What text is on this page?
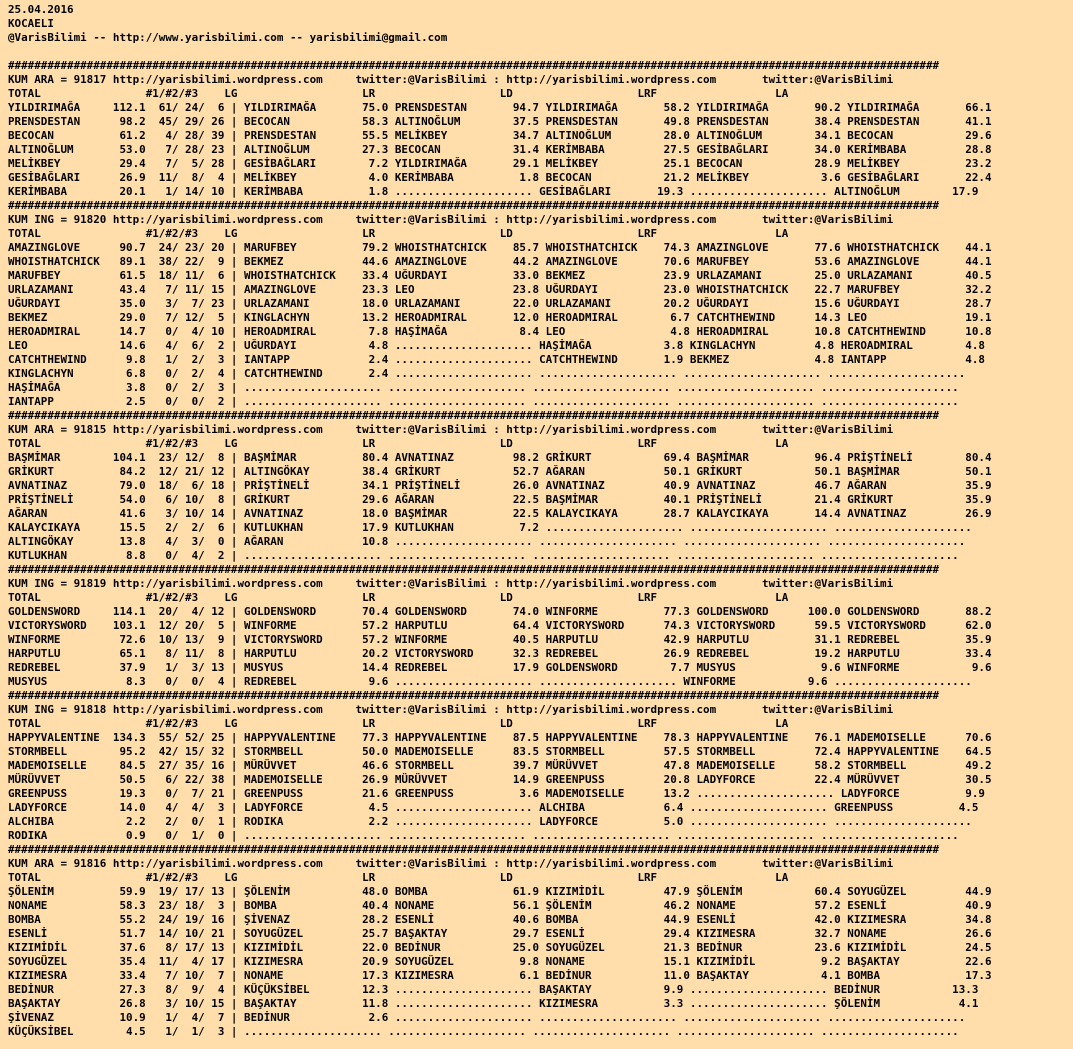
25.04.2016
KOCAELI
@VarisBilimi -- http://www.yarisbilimi.com -- yarisbilimi@gmail.com

##############################################################################################################################################
KUM ARA = 91817 http://yarisbilimi.wordpress.com     twitter:@VarisBilimi : http://yarisbilimi.wordpress.com       twitter:@VarisBilimi
TOTAL                #1/#2/#3    LG                   LR                   LD                   LRF                  LA
YILDIRIMAĞA     112.1  61/ 24/  6 | YILDIRIMAĞA       75.0 PRENSDESTAN       94.7 YILDIRIMAĞA       58.2 YILDIRIMAĞA       90.2 YILDIRIMAĞA       66.1
PRENSDESTAN      98.2  45/ 29/ 26 | BECOCAN           58.3 ALTINOĞLUM        37.5 PRENSDESTAN       49.8 PRENSDESTAN       38.4 PRENSDESTAN       41.1
BECOCAN          61.2   4/ 28/ 39 | PRENSDESTAN       55.5 MELİKBEY          34.7 ALTINOĞLUM        28.0 ALTINOĞLUM        34.1 BECOCAN           29.6
ALTINOĞLUM       53.0   7/ 28/ 23 | ALTINOĞLUM        27.3 BECOCAN           31.4 KERİMBABA         27.5 GESİBAĞLARI       34.0 KERİMBABA         28.8
MELİKBEY         29.4   7/  5/ 28 | GESİBAĞLARI        7.2 YILDIRIMAĞA       29.1 MELİKBEY          25.1 BECOCAN           28.9 MELİKBEY          23.2
GESİBAĞLARI      26.9  11/  8/  4 | MELİKBEY           4.0 KERİMBABA          1.8 BECOCAN           21.2 MELİKBEY           3.6 GESİBAĞLARI       22.4
KERİMBABA        20.1   1/ 14/ 10 | KERİMBABA          1.8 ..................... GESİBAĞLARI       19.3 ..................... ALTINOĞLUM        17.9
##############################################################################################################################################
KUM ING = 91820 http://yarisbilimi.wordpress.com     twitter:@VarisBilimi : http://yarisbilimi.wordpress.com       twitter:@VarisBilimi
TOTAL                #1/#2/#3    LG                   LR                   LD                   LRF                  LA
AMAZINGLOVE      90.7  24/ 23/ 20 | MARUFBEY          79.2 WHOISTHATCHICK    85.7 WHOISTHATCHICK    74.3 AMAZINGLOVE       77.6 WHOISTHATCHICK    44.1
WHOISTHATCHICK   89.1  38/ 22/  9 | BEKMEZ            44.6 AMAZINGLOVE       44.2 AMAZINGLOVE       70.6 MARUFBEY          53.6 AMAZINGLOVE       44.1
MARUFBEY         61.5  18/ 11/  6 | WHOISTHATCHICK    33.4 UĞURDAYI          33.0 BEKMEZ            23.9 URLAZAMANI        25.0 URLAZAMANI        40.5
URLAZAMANI       43.4   7/ 11/ 15 | AMAZINGLOVE       23.3 LEO               23.8 UĞURDAYI          23.0 WHOISTHATCHICK    22.7 MARUFBEY          32.2
UĞURDAYI         35.0   3/  7/ 23 | URLAZAMANI        18.0 URLAZAMANI        22.0 URLAZAMANI        20.2 UĞURDAYI          15.6 UĞURDAYI          28.7
BEKMEZ           29.0   7/ 12/  5 | KINGLACHYN        13.2 HEROADMIRAL       12.0 HEROADMIRAL        6.7 CATCHTHEWIND      14.3 LEO               19.1
HEROADMIRAL      14.7   0/  4/ 10 | HEROADMIRAL        7.8 HAŞİMAĞA           8.4 LEO                4.8 HEROADMIRAL       10.8 CATCHTHEWIND      10.8
LEO              14.6   4/  6/  2 | UĞURDAYI           4.8 ..................... HAŞİMAĞA           3.8 KINGLACHYN         4.8 HEROADMIRAL        4.8
CATCHTHEWIND      9.8   1/  2/  3 | IANTAPP            2.4 ..................... CATCHTHEWIND       1.9 BEKMEZ             4.8 IANTAPP            4.8
KINGLACHYN        6.8   0/  2/  4 | CATCHTHEWIND       2.4 ..................... ..................... ..................... .....................
HAŞİMAĞA          3.8   0/  2/  3 | ..................... ..................... ..................... ..................... .....................
IANTAPP           2.5   0/  0/  2 | ..................... ..................... ..................... ..................... .....................
##############################################################################################################################################
KUM ARA = 91815 http://yarisbilimi.wordpress.com     twitter:@VarisBilimi : http://yarisbilimi.wordpress.com       twitter:@VarisBilimi
TOTAL                #1/#2/#3    LG                   LR                   LD                   LRF                  LA
BAŞMİMAR        104.1  23/ 12/  8 | BAŞMİMAR          80.4 AVNATINAZ         98.2 GRİKURT           69.4 BAŞMİMAR          96.4 PRİŞTİNELİ        80.4
GRİKURT          84.2  12/ 21/ 12 | ALTINGÖKAY        38.4 GRİKURT           52.7 AĞARAN            50.1 GRİKURT           50.1 BAŞMİMAR          50.1
AVNATINAZ        79.0  18/  6/ 18 | PRİŞTİNELİ        34.1 PRİŞTİNELİ        26.0 AVNATINAZ         40.9 AVNATINAZ         46.7 AĞARAN            35.9
PRİŞTİNELİ       54.0   6/ 10/  8 | GRİKURT           29.6 AĞARAN            22.5 BAŞMİMAR          40.1 PRİŞTİNELİ        21.4 GRİKURT           35.9
AĞARAN           41.6   3/ 10/ 14 | AVNATINAZ         18.0 BAŞMİMAR          22.5 KALAYCIKAYA       28.7 KALAYCIKAYA       14.4 AVNATINAZ         26.9
KALAYCIKAYA      15.5   2/  2/  6 | KUTLUKHAN         17.9 KUTLUKHAN          7.2 ..................... ..................... .....................
ALTINGÖKAY       13.8   4/  3/  0 | AĞARAN            10.8 ..................... ..................... ..................... .....................
KUTLUKHAN         8.8   0/  4/  2 | ..................... ..................... ..................... ..................... .....................
##############################################################################################################################################
KUM ING = 91819 http://yarisbilimi.wordpress.com     twitter:@VarisBilimi : http://yarisbilimi.wordpress.com       twitter:@VarisBilimi
TOTAL                #1/#2/#3    LG                   LR                   LD                   LRF                  LA
GOLDENSWORD     114.1  20/  4/ 12 | GOLDENSWORD       70.4 GOLDENSWORD       74.0 WINFORME          77.3 GOLDENSWORD      100.0 GOLDENSWORD       88.2
VICTORYSWORD    103.1  12/ 20/  5 | WINFORME          57.2 HARPUTLU          64.4 VICTORYSWORD      74.3 VICTORYSWORD      59.5 VICTORYSWORD      62.0
WINFORME         72.6  10/ 13/  9 | VICTORYSWORD      57.2 WINFORME          40.5 HARPUTLU          42.9 HARPUTLU          31.1 REDREBEL          35.9
HARPUTLU         65.1   8/ 11/  8 | HARPUTLU          20.2 VICTORYSWORD      32.3 REDREBEL          26.9 REDREBEL          19.2 HARPUTLU          33.4
REDREBEL         37.9   1/  3/ 13 | MUSYUS            14.4 REDREBEL          17.9 GOLDENSWORD        7.7 MUSYUS             9.6 WINFORME           9.6
MUSYUS            8.3   0/  0/  4 | REDREBEL           9.6 ..................... ..................... WINFORME           9.6 .....................
##############################################################################################################################################
KUM ING = 91818 http://yarisbilimi.wordpress.com     twitter:@VarisBilimi : http://yarisbilimi.wordpress.com       twitter:@VarisBilimi
TOTAL                #1/#2/#3    LG                   LR                   LD                   LRF                  LA
HAPPYVALENTINE  134.3  55/ 52/ 25 | HAPPYVALENTINE    77.3 HAPPYVALENTINE    87.5 HAPPYVALENTINE    78.3 HAPPYVALENTINE    76.1 MADEMOISELLE      70.6
STORMBELL        95.2  42/ 15/ 32 | STORMBELL         50.0 MADEMOISELLE      83.5 STORMBELL         57.5 STORMBELL         72.4 HAPPYVALENTINE    64.5
MADEMOISELLE     84.5  27/ 35/ 16 | MÜRÜVVET          46.6 STORMBELL         39.7 MÜRÜVVET          47.8 MADEMOISELLE      58.2 STORMBELL         49.2
MÜRÜVVET         50.5   6/ 22/ 38 | MADEMOISELLE      26.9 MÜRÜVVET          14.9 GREENPUSS         20.8 LADYFORCE         22.4 MÜRÜVVET          30.5
GREENPUSS        19.3   0/  7/ 21 | GREENPUSS         21.6 GREENPUSS          3.6 MADEMOISELLE      13.2 ..................... LADYFORCE          9.9
LADYFORCE        14.0   4/  4/  3 | LADYFORCE          4.5 ..................... ALCHIBA            6.4 ..................... GREENPUSS          4.5
ALCHIBA           2.2   2/  0/  1 | RODIKA             2.2 ..................... LADYFORCE          5.0 ..................... .....................
RODIKA            0.9   0/  1/  0 | ..................... ..................... ..................... ..................... .....................
##############################################################################################################################################
KUM ARA = 91816 http://yarisbilimi.wordpress.com     twitter:@VarisBilimi : http://yarisbilimi.wordpress.com       twitter:@VarisBilimi
TOTAL                #1/#2/#3    LG                   LR                   LD                   LRF                  LA
ŞÖLENİM          59.9  19/ 17/ 13 | ŞÖLENİM           48.0 BOMBA             61.9 KIZIMİDİL         47.9 ŞÖLENİM           60.4 SOYUGÜZEL         44.9
NONAME           58.3  23/ 18/  3 | BOMBA             40.4 NONAME            56.1 ŞÖLENİM           46.2 NONAME            57.2 ESENLİ            40.9
BOMBA            55.2  24/ 19/ 16 | ŞİVENAZ           28.2 ESENLİ            40.6 BOMBA             44.9 ESENLİ            42.0 KIZIMESRA         34.8
ESENLİ           51.7  14/ 10/ 21 | SOYUGÜZEL         25.7 BAŞAKTAY          29.7 ESENLİ            29.4 KIZIMESRA         32.7 NONAME            26.6
KIZIMİDİL        37.6   8/ 17/ 13 | KIZIMİDİL         22.0 BEDİNUR           25.0 SOYUGÜZEL         21.3 BEDİNUR           23.6 KIZIMİDİL         24.5
SOYUGÜZEL        35.4  11/  4/ 17 | KIZIMESRA         20.9 SOYUGÜZEL          9.8 NONAME            15.1 KIZIMİDİL          9.2 BAŞAKTAY          22.6
KIZIMESRA        33.4   7/ 10/  7 | NONAME            17.3 KIZIMESRA          6.1 BEDİNUR           11.0 BAŞAKTAY           4.1 BOMBA             17.3
BEDİNUR          27.3   8/  9/  4 | KÜÇÜKSİBEL        12.3 ..................... BAŞAKTAY           9.9 ..................... BEDİNUR           13.3
BAŞAKTAY         26.8   3/ 10/ 15 | BAŞAKTAY          11.8 ..................... KIZIMESRA          3.3 ..................... ŞÖLENİM            4.1
ŞİVENAZ          10.9   1/  4/  7 | BEDİNUR            2.6 ..................... ..................... ..................... .....................
KÜÇÜKSİBEL        4.5   1/  1/  3 | ..................... ..................... ..................... ..................... .....................
